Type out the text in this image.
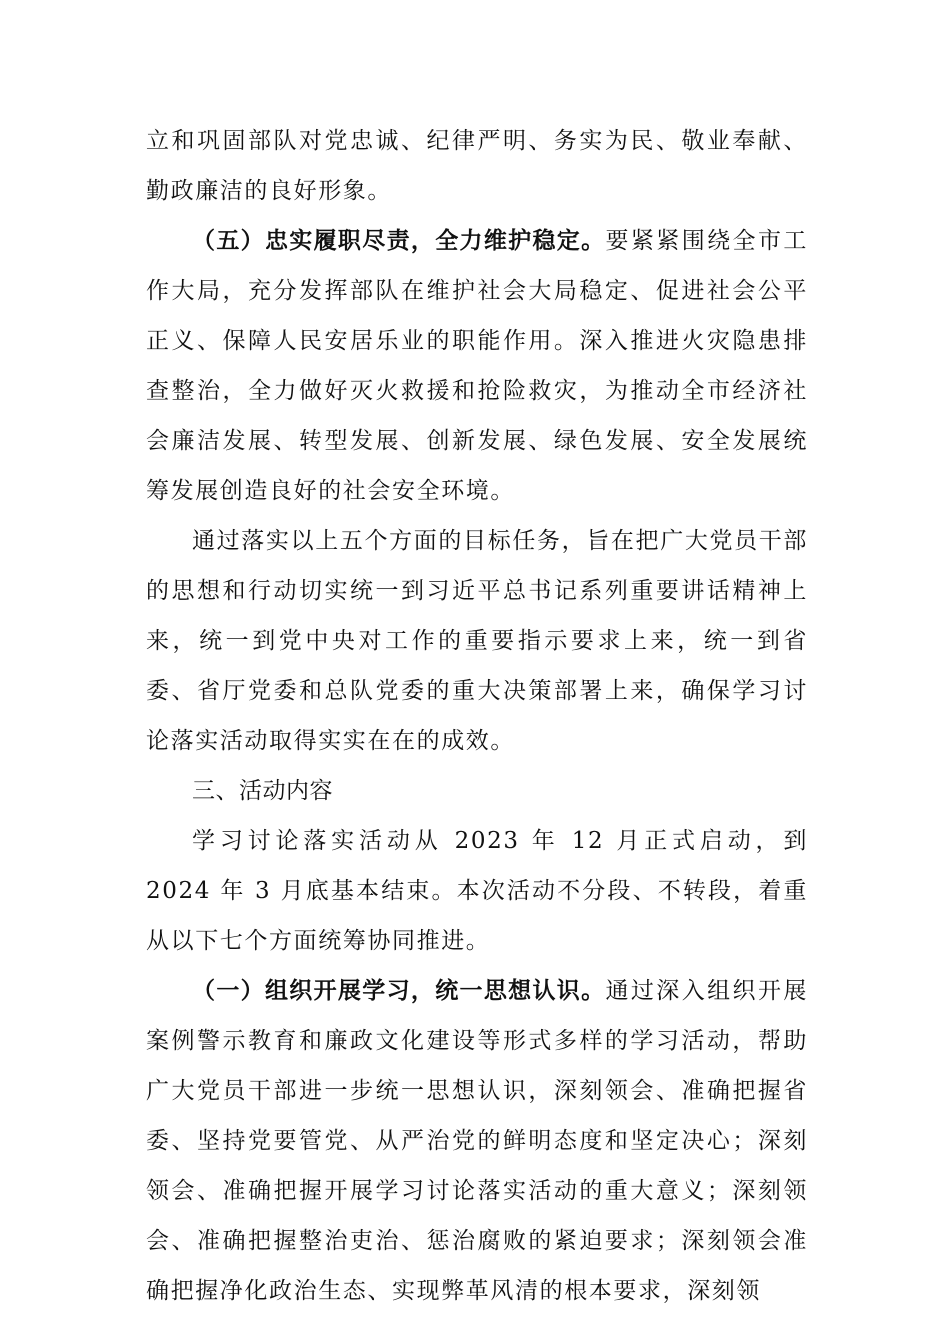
立和巩固部队对党忠诚、纪律严明、务实为民、敬业奉献、勤政廉洁的良好形象。

（五）忠实履职尽责，全力维护稳定。要紧紧围绕全市工作大局，充分发挥部队在维护社会大局稳定、促进社会公平正义、保障人民安居乐业的职能作用。深入推进火灾隐患排查整治，全力做好灭火救援和抢险救灾，为推动全市经济社会廉洁发展、转型发展、创新发展、绿色发展、安全发展统筹发展创造良好的社会安全环境。

通过落实以上五个方面的目标任务，旨在把广大党员干部的思想和行动切实统一到习近平总书记系列重要讲话精神上来，统一到党中央对工作的重要指示要求上来，统一到省委、省厅党委和总队党委的重大决策部署上来，确保学习讨论落实活动取得实实在在的成效。

三、活动内容

学习讨论落实活动从 2023 年 12 月正式启动，到 2024 年 3 月底基本结束。本次活动不分段、不转段，着重从以下七个方面统筹协同推进。

（一）组织开展学习，统一思想认识。通过深入组织开展案例警示教育和廉政文化建设等形式多样的学习活动，帮助广大党员干部进一步统一思想认识，深刻领会、准确把握省委、坚持党要管党、从严治党的鲜明态度和坚定决心；深刻领会、准确把握开展学习讨论落实活动的重大意义；深刻领会、准确把握整治吏治、惩治腐败的紧迫要求；深刻领会准确把握净化政治生态、实现弊革风清的根本要求，深刻领
